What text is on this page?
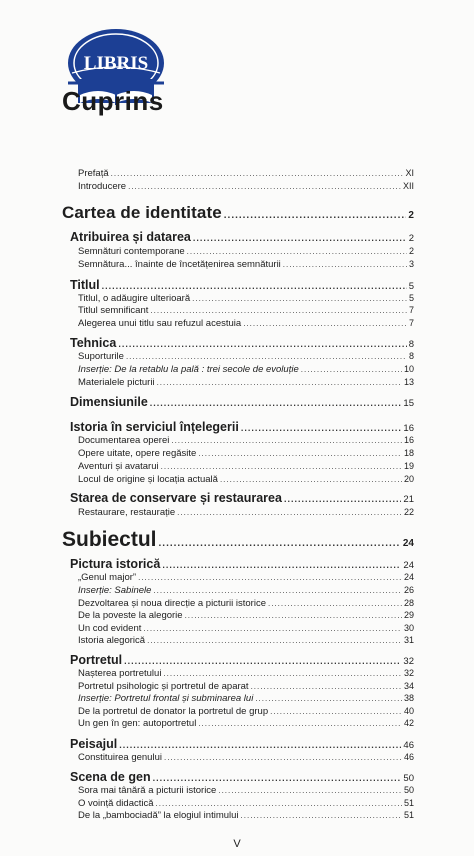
LIBRIS
Cuprins
Prefață .....	XI
Introducere .....	XII
Cartea de identitate .....	2
Atribuirea și datarea .....	2
Semnături contemporane .....	2
Semnătura... înainte de încetățenirea semnăturii .....	3
Titlul .....	5
Titlul, o adăugire ulterioară .....	5
Titlul semnificant .....	7
Alegerea unui titlu sau refuzul acestuia .....	7
Tehnica .....	8
Suporturile .....	8
Inserție: De la retablu la pală : trei secole de evoluție .....	10
Materialele picturii .....	13
Dimensiunile .....	15
Istoria în serviciul înțelegerii .....	16
Documentarea operei .....	16
Opere uitate, opere regăsite .....	18
Aventuri și avatarui .....	19
Locul de origine și locația actuală .....	20
Starea de conservare și restaurarea .....	21
Restaurare, restaurație .....	22
Subiectul .....	24
Pictura istorică .....	24
„Genul major” .....	24
Inserție: Sabinele .....	26
Dezvoltarea și noua direcție a picturii istorice .....	28
De la poveste la alegorie .....	29
Un cod evident .....	30
Istoria alegorică .....	31
Portretul .....	32
Nașterea portretului .....	32
Portretul psihologic și portretul de aparat .....	34
Inserție: Portretul frontal și subminarea lui .....	38
De la portretul de donator la portretul de grup .....	40
Un gen în gen: autoportretul .....	42
Peisajul .....	46
Constituirea genului .....	46
Scena de gen .....	50
Sora mai tânără a picturii istorice .....	50
O voință didactică .....	51
De la „bambociadă” la elogiul intimului .....	51
V
